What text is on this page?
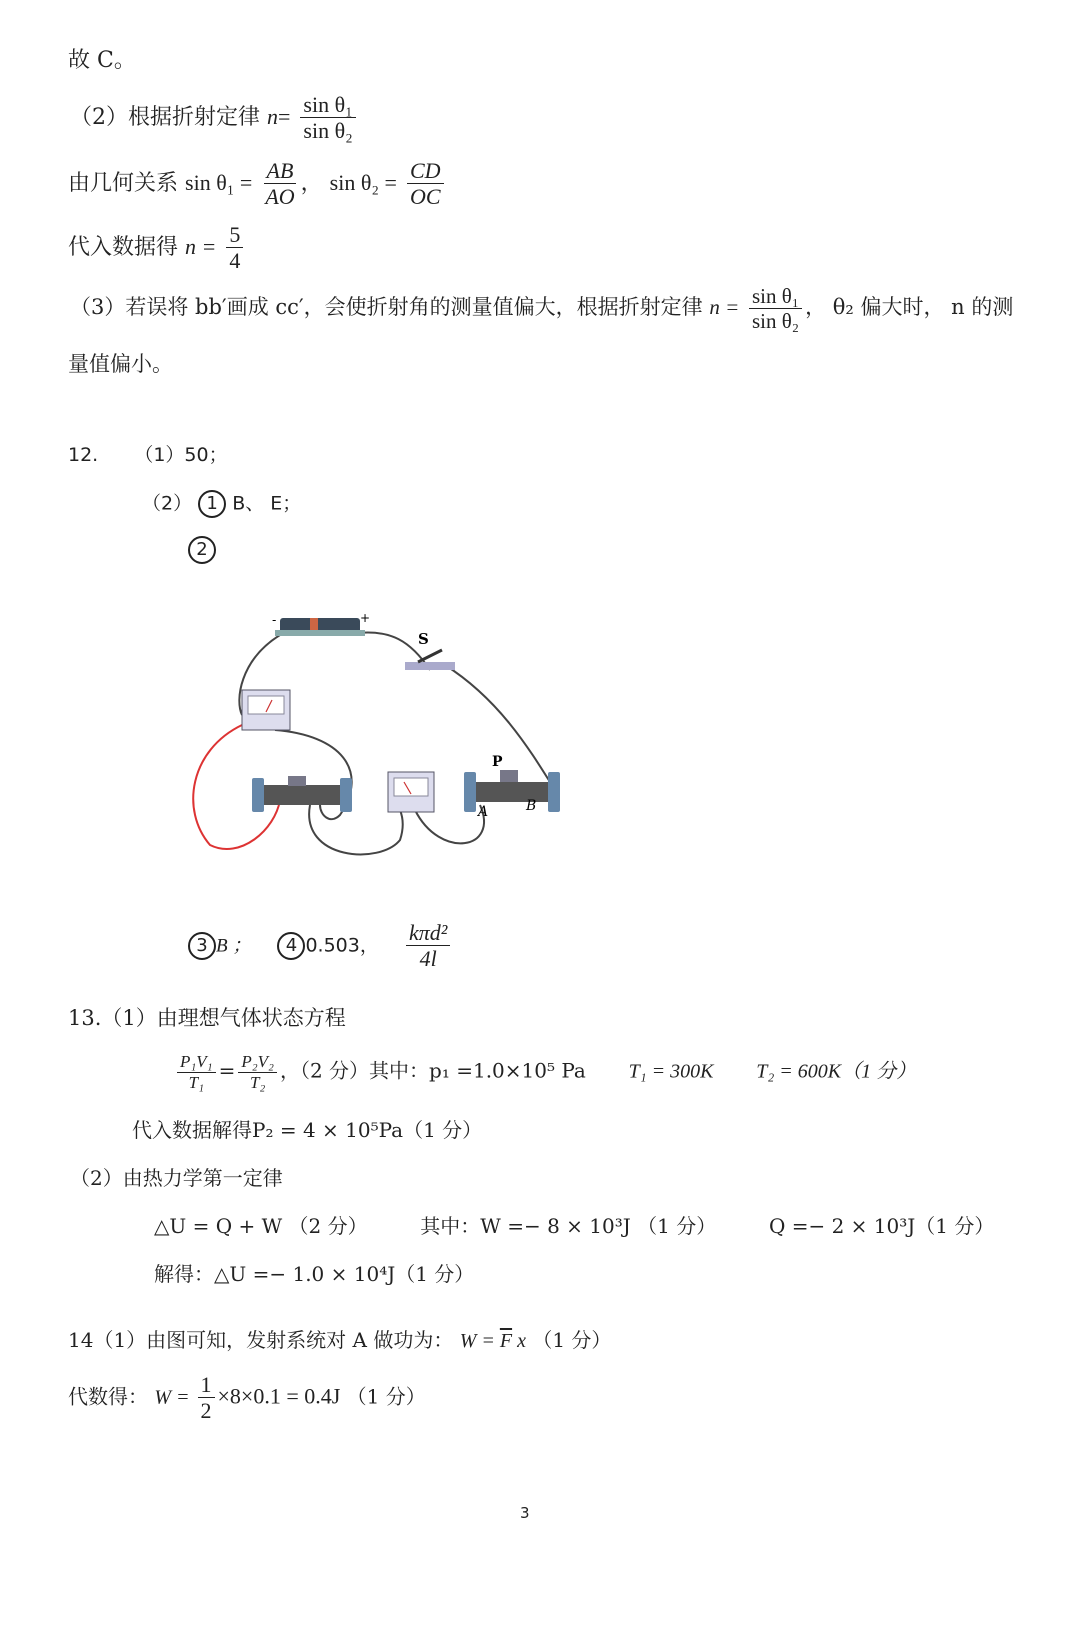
故 C。
（2）根据折射定律 $n= \frac{\text{sin θ₁}}{\text{sin θ₂}}$
由几何关系 $\sin \theta_1 = \frac{AB}{AO}$ ， $\sin \theta_2 = \frac{CD}{OC}$
代入数据得 $n = \frac{5}{4}$
（3）若误将 bb′画成 cc′，会使折射角的测量值偏大，根据折射定律 $n = \frac{\text{sin θ₁}}{\text{sin θ₂}}$ ， θ₂ 偏大时， n 的测
量值偏小。
12. （1）50；
（2） 1 B、 E；
2
-	+
S
P
A	B
3 B ； 4 0.503， $\frac{\text{kπd²}}{4l}$
13.（1）由理想气体状态方程
$\frac{\text{P₁V₁}}{\text{T₁}} = \frac{\text{P₂V₂}}{\text{T₂}}$ ，（2 分）其中：p₁ =1.0×10⁵ Pa T₁ = 300K T₂ = 600K（1 分）
代入数据解得P₂ = 4 × 10⁵Pa（1 分）
（2）由热力学第一定律
△U = Q + W （2 分）	其中：W =− 8 × 10³J （1 分）	Q =− 2 × 10³J（1 分）
解得：△U =− 1.0 × 10⁴J（1 分）
14（1）由图可知，发射系统对 A 做功为： $W = \overline{F}$ x （1 分）
代数得： $W = \frac{1}{2} \times 8\times 0.1 = 0.4J$ （1 分）
3
